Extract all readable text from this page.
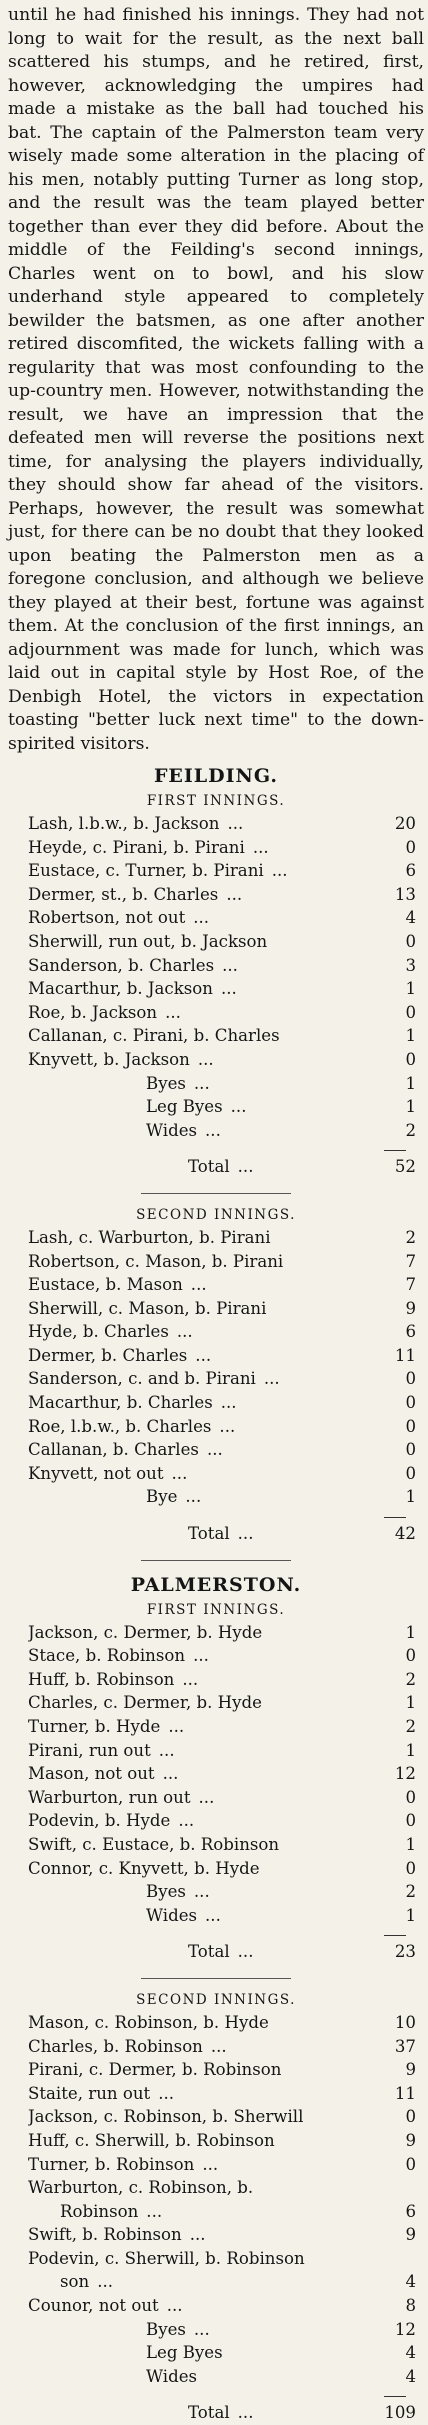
until he had finished his innings. They had not long to wait for the result, as the next ball scattered his stumps, and he retired, first, however, acknowledging the umpires had made a mistake as the ball had touched his bat. The captain of the Palmerston team very wisely made some alteration in the placing of his men, notably putting Turner as long stop, and the result was the team played better together than ever they did before. About the middle of the Feilding's second innings, Charles went on to bowl, and his slow underhand style appeared to completely bewilder the batsmen, as one after another retired discomfited, the wickets falling with a regularity that was most confounding to the up-country men. However, notwithstanding the result, we have an impression that the defeated men will reverse the positions next time, for analysing the players individually, they should show far ahead of the visitors. Perhaps, however, the result was somewhat just, for there can be no doubt that they looked upon beating the Palmerston men as a foregone conclusion, and although we believe they played at their best, fortune was against them. At the conclusion of the first innings, an adjournment was made for lunch, which was laid out in capital style by Host Roe, of the Denbigh Hotel, the victors in expectation toasting "better luck next time" to the down-spirited visitors.

FEILDING.
FIRST INNINGS.
Lash, l.b.w., b. Jackson ...	20
Heyde, c. Pirani, b. Pirani ...	0
Eustace, c. Turner, b. Pirani ...	6
Dermer, st., b. Charles ...	13
Robertson, not out ...	4
Sherwill, run out, b. Jackson	0
Sanderson, b. Charles ...	3
Macarthur, b. Jackson ...	1
Roe, b. Jackson ...	0
Callanan, c. Pirani, b. Charles	1
Knyvett, b. Jackson ...	0
Byes ...	1
Leg Byes ...	1
Wides ...	2
Total ...	52
SECOND INNINGS.
Lash, c. Warburton, b. Pirani	2
Robertson, c. Mason, b. Pirani	7
Eustace, b. Mason ...	7
Sherwill, c. Mason, b. Pirani	9
Hyde, b. Charles ...	6
Dermer, b. Charles ...	11
Sanderson, c. and b. Pirani ...	0
Macarthur, b. Charles ...	0
Roe, l.b.w., b. Charles ...	0
Callanan, b. Charles ...	0
Knyvett, not out ...	0
Bye ...	1
Total ...	42
PALMERSTON.
FIRST INNINGS.
Jackson, c. Dermer, b. Hyde	1
Stace, b. Robinson ...	0
Huff, b. Robinson ...	2
Charles, c. Dermer, b. Hyde	1
Turner, b. Hyde ...	2
Pirani, run out ...	1
Mason, not out ...	12
Warburton, run out ...	0
Podevin, b. Hyde ...	0
Swift, c. Eustace, b. Robinson	1
Connor, c. Knyvett, b. Hyde	0
Byes ...	2
Wides ...	1
Total ...	23
SECOND INNINGS.
Mason, c. Robinson, b. Hyde	10
Charles, b. Robinson ...	37
Pirani, c. Dermer, b. Robinson	9
Staite, run out ...	11
Jackson, c. Robinson, b. Sherwill	0
Huff, c. Sherwill, b. Robinson	9
Turner, b. Robinson ...	0
Warburton, c. Robinson, b.
Robinson ...	6
Swift, b. Robinson ...	9
Podevin, c. Sherwill, b. Robinson
son ...	4
Counor, not out ...	8
Byes ...	12
Leg Byes	4
Wides	4
Total ...	109
